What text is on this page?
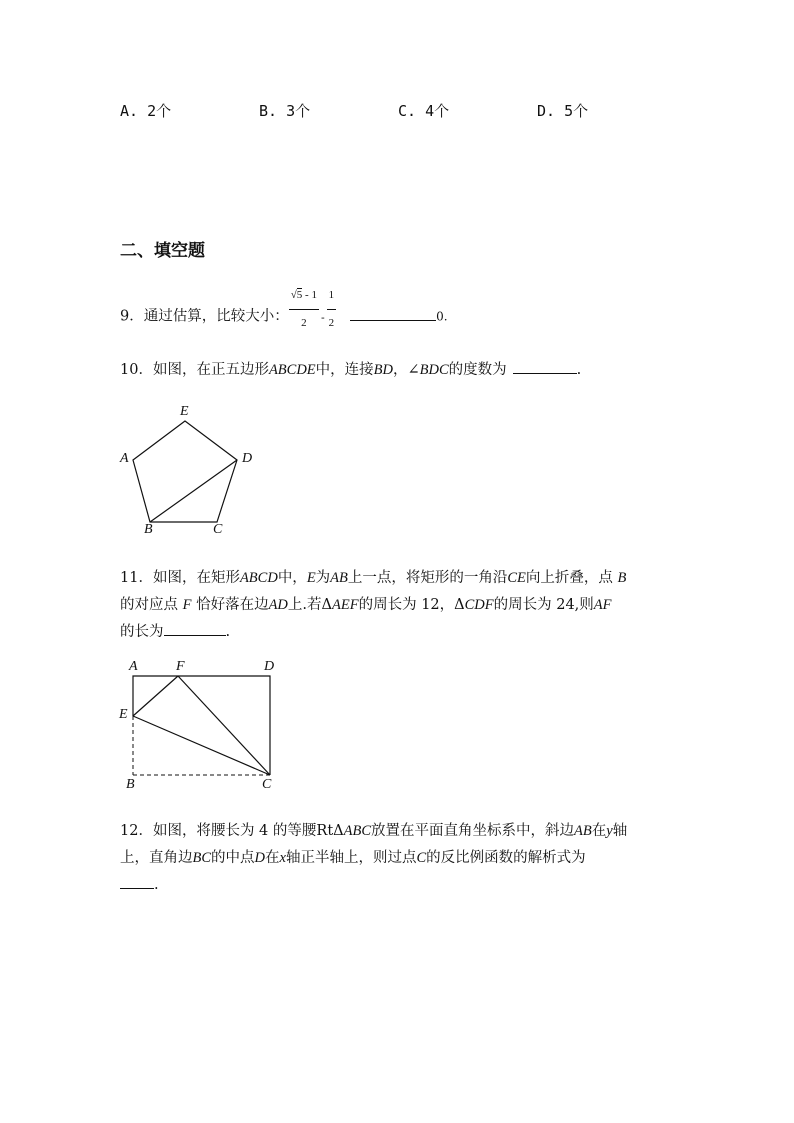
A. 2个	B. 3个	C. 4个	D. 5个
二、填空题
9．通过估算，比较大小： $\frac{√5 - 1}{2} - \frac{1}{2}$	0.
10．如图，在正五边形ABCDE中，连接BD，∠BDC的度数为	.
E
A	D
B	C
11．如图，在矩形ABCD中，E为AB上一点，将矩形的一角沿CE向上折叠，点 B
的对应点 F 恰好落在边AD上.若ΔAEF的周长为 12，ΔCDF的周长为 24,则AF
的长为	.
A	F	D
E
B	C
12．如图，将腰长为 4 的等腰RtΔABC放置在平面直角坐标系中，斜边AB在y轴
上，直角边BC的中点D在x轴正半轴上，则过点C的反比例函数的解析式为
.
